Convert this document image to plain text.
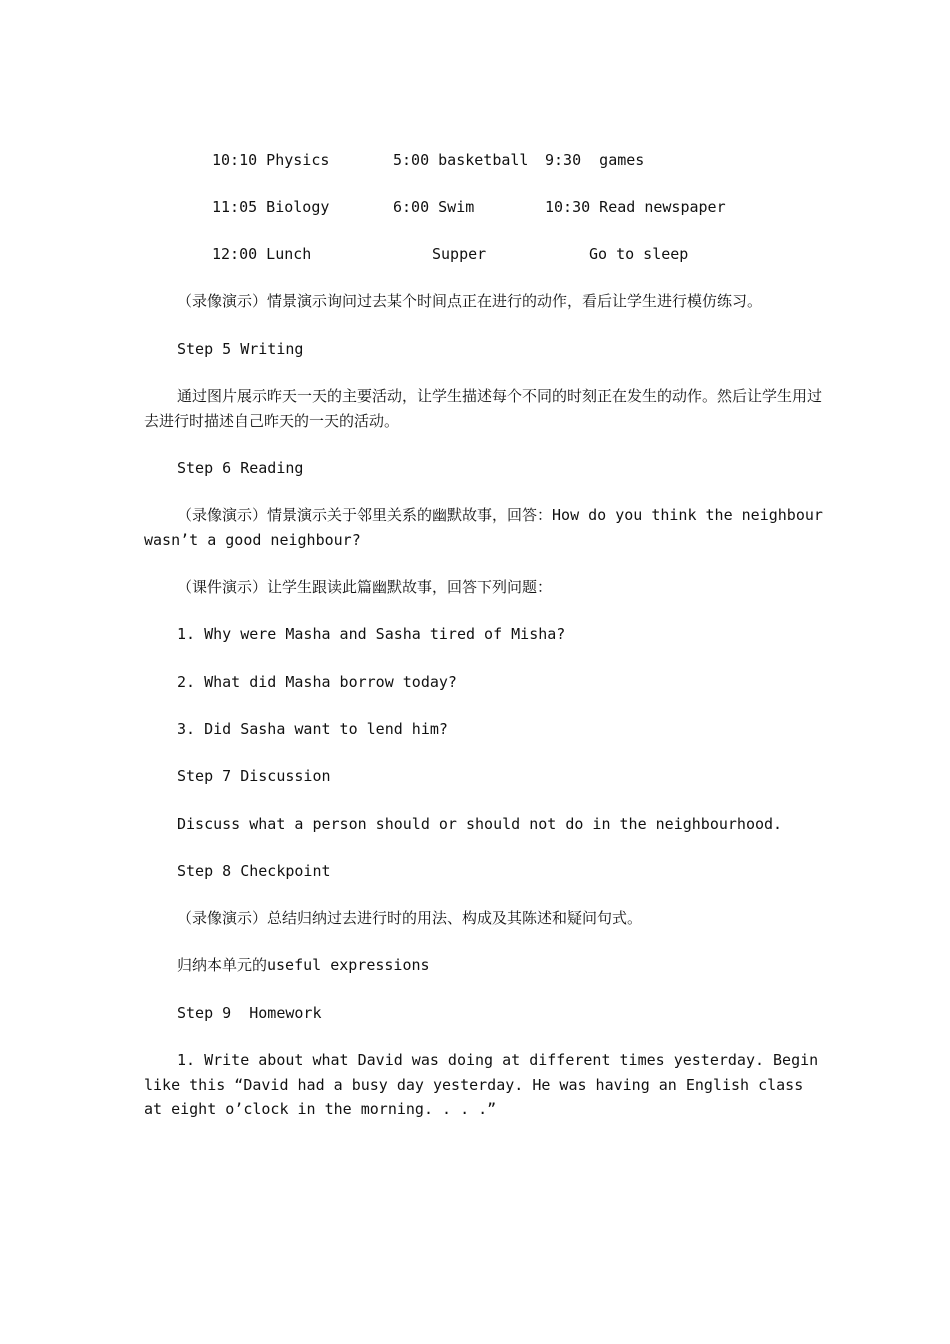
10:10 Physics	5:00 basketball 9:30  games
11:05 Biology	6:00 Swim	10:30 Read newspaper
12:00 Lunch	Supper	Go to sleep
（录像演示）情景演示询问过去某个时间点正在进行的动作，看后让学生进行模仿练习。
Step 5 Writing
通过图片展示昨天一天的主要活动，让学生描述每个不同的时刻正在发生的动作。然后让学生用过去进行时描述自己昨天的一天的活动。
Step 6 Reading
（录像演示）情景演示关于邻里关系的幽默故事，回答：How do you think the neighbour wasn’t a good neighbour?
（课件演示）让学生跟读此篇幽默故事，回答下列问题：
1. Why were Masha and Sasha tired of Misha?
2. What did Masha borrow today?
3. Did Sasha want to lend him?
Step 7 Discussion
Discuss what a person should or should not do in the neighbourhood.
Step 8 Checkpoint
（录像演示）总结归纳过去进行时的用法、构成及其陈述和疑问句式。
归纳本单元的useful expressions
Step 9  Homework
1. Write about what David was doing at different times yesterday. Begin like this “David had a busy day yesterday. He was having an English class at eight o’clock in the morning. . . .”
